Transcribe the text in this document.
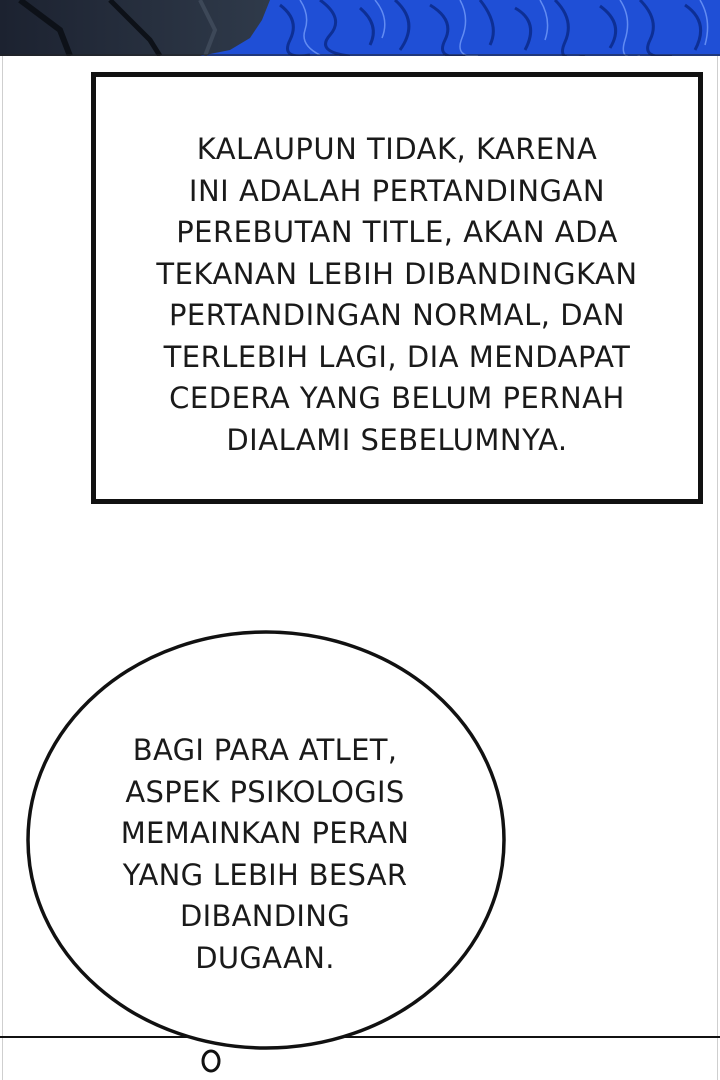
KALAUPUN TIDAK, KARENA
INI ADALAH PERTANDINGAN
PEREBUTAN TITLE, AKAN ADA
TEKANAN LEBIH DIBANDINGKAN
PERTANDINGAN NORMAL, DAN
TERLEBIH LAGI, DIA MENDAPAT
CEDERA YANG BELUM PERNAH
DIALAMI SEBELUMNYA.
BAGI PARA ATLET,
ASPEK PSIKOLOGIS
MEMAINKAN PERAN
YANG LEBIH BESAR
DIBANDING
DUGAAN.
